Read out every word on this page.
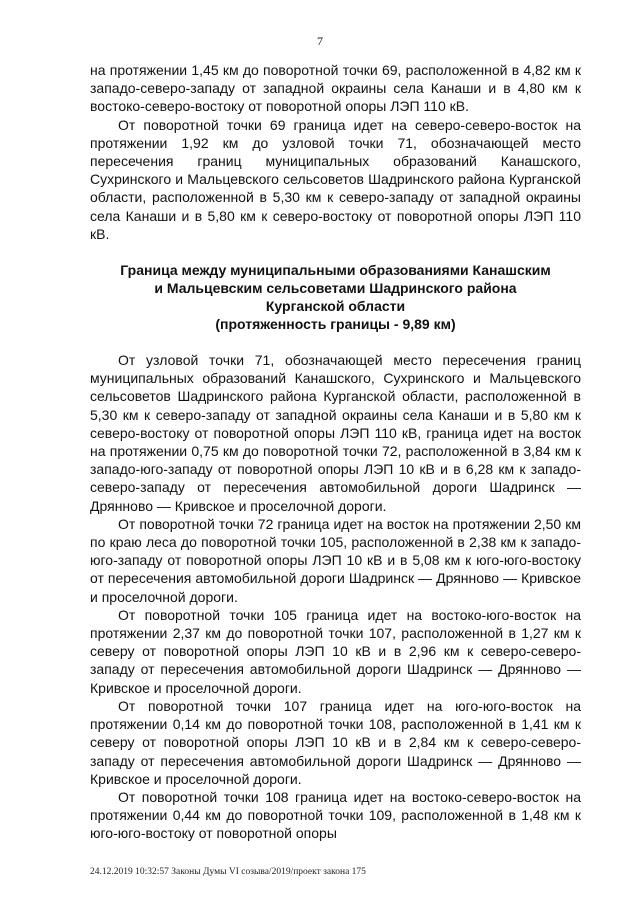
7

на протяжении 1,45 км до поворотной точки 69, расположенной в 4,82 км к западо-северо-западу от западной окраины села Канаши и в 4,80 км к востоко-северо-востоку от поворотной опоры ЛЭП 110 кВ.

От поворотной точки 69 граница идет на северо-северо-восток на протяжении 1,92 км до узловой точки 71, обозначающей место пересечения границ муниципальных образований Канашского, Сухринского и Мальцевского сельсоветов Шадринского района Курганской области, расположенной в 5,30 км к северо-западу от западной окраины села Канаши и в 5,80 км к северо-востоку от поворотной опоры ЛЭП 110 кВ.

Граница между муниципальными образованиями Канашским

и Мальцевским сельсоветами Шадринского района

Курганской области

(протяженность границы - 9,89 км)

От узловой точки 71, обозначающей место пересечения границ муниципальных образований Канашского, Сухринского и Мальцевского сельсоветов Шадринского района Курганской области, расположенной в 5,30 км к северо-западу от западной окраины села Канаши и в 5,80 км к северо-востоку от поворотной опоры ЛЭП 110 кВ, граница идет на восток на протяжении 0,75 км до поворотной точки 72, расположенной в 3,84 км к западо-юго-западу от поворотной опоры ЛЭП 10 кВ и в 6,28 км к западо-северо-западу от пересечения автомобильной дороги Шадринск — Дрянново — Кривское и проселочной дороги.

От поворотной точки 72 граница идет на восток на протяжении 2,50 км по краю леса до поворотной точки 105, расположенной в 2,38 км к западо-юго-западу от поворотной опоры ЛЭП 10 кВ и в 5,08 км к юго-юго-востоку от пересечения автомобильной дороги Шадринск — Дрянново — Кривское и проселочной дороги.

От поворотной точки 105 граница идет на востоко-юго-восток на протяжении 2,37 км до поворотной точки 107, расположенной в 1,27 км к северу от поворотной опоры ЛЭП 10 кВ и в 2,96 км к северо-северо-западу от пересечения автомобильной дороги Шадринск — Дрянново — Кривское и проселочной дороги.

От поворотной точки 107 граница идет на юго-юго-восток на протяжении 0,14 км до поворотной точки 108, расположенной в 1,41 км к северу от поворотной опоры ЛЭП 10 кВ и в 2,84 км к северо-северо-западу от пересечения автомобильной дороги Шадринск — Дрянново — Кривское и проселочной дороги.

От поворотной точки 108 граница идет на востоко-северо-восток на протяжении 0,44 км до поворотной точки 109, расположенной в 1,48 км к юго-юго-востоку от поворотной опоры

24.12.2019 10:32:57 Законы Думы VI созыва/2019/проект закона 175
